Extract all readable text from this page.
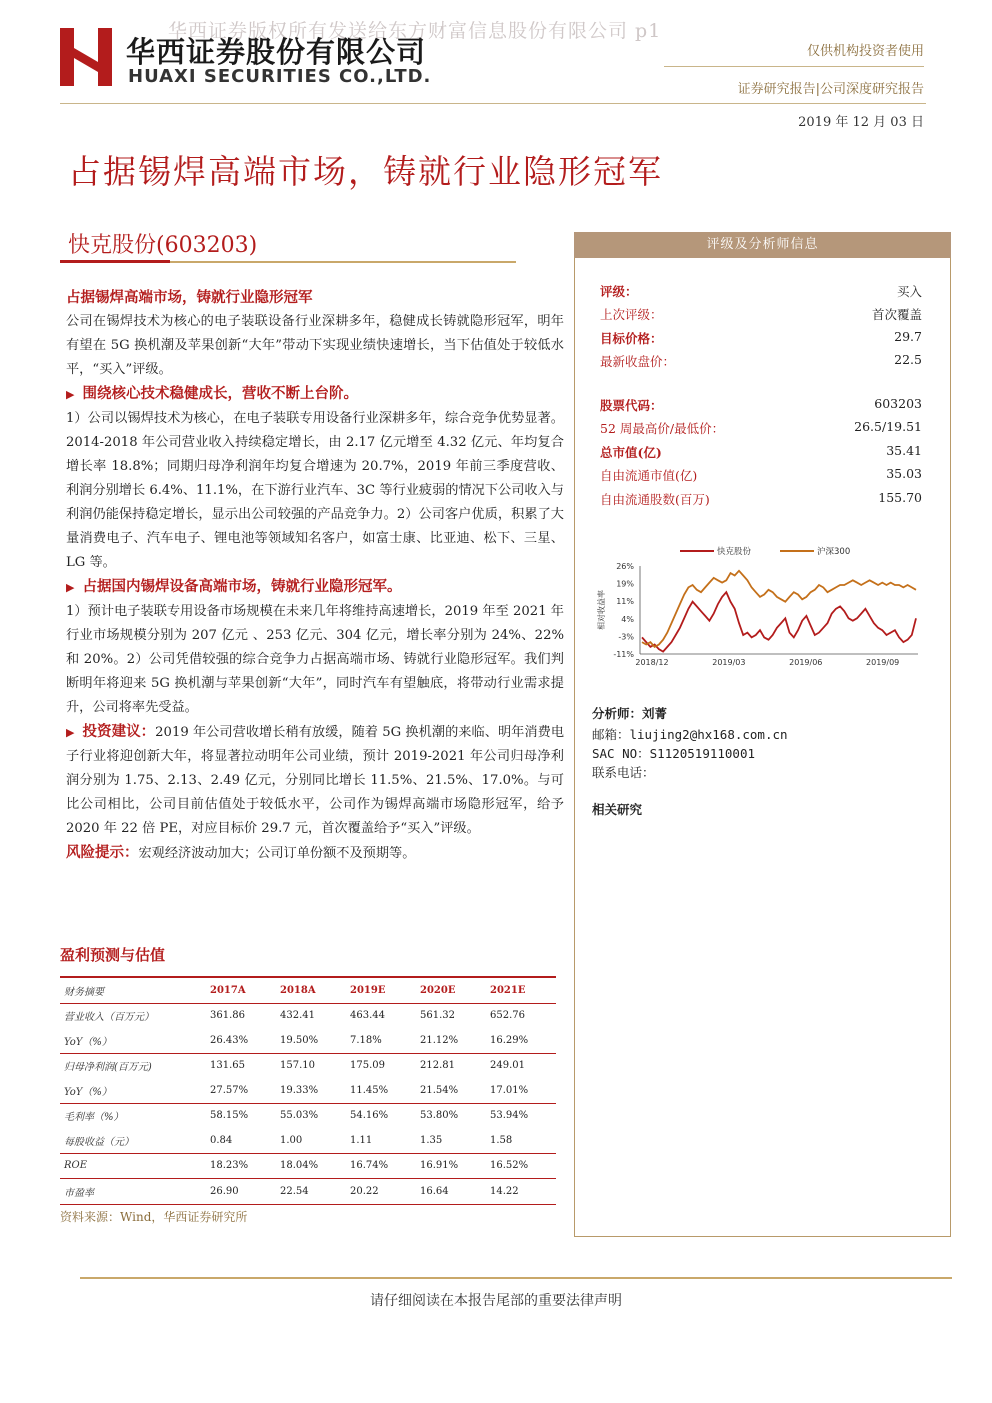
华西证券版权所有发送给东方财富信息股份有限公司 p1
华西证券股份有限公司
HUAXI SECURITIES CO.,LTD.
仅供机构投资者使用
证券研究报告|公司深度研究报告
2019 年 12 月 03 日
占据锡焊高端市场，铸就行业隐形冠军
快克股份(603203)
占据锡焊高端市场，铸就行业隐形冠军
公司在锡焊技术为核心的电子装联设备行业深耕多年，稳健成长铸就隐形冠军，明年有望在 5G 换机潮及苹果创新“大年”带动下实现业绩快速增长，当下估值处于较低水平，“买入”评级。
▶ 围绕核心技术稳健成长，营收不断上台阶。
1）公司以锡焊技术为核心，在电子装联专用设备行业深耕多年，综合竞争优势显著。2014-2018 年公司营业收入持续稳定增长，由 2.17 亿元增至 4.32 亿元、年均复合增长率 18.8%；同期归母净利润年均复合增速为 20.7%，2019 年前三季度营收、利润分别增长 6.4%、11.1%，在下游行业汽车、3C 等行业疲弱的情况下公司收入与利润仍能保持稳定增长，显示出公司较强的产品竞争力。2）公司客户优质，积累了大量消费电子、汽车电子、锂电池等领域知名客户，如富士康、比亚迪、松下、三星、LG 等。
▶ 占据国内锡焊设备高端市场，铸就行业隐形冠军。
1）预计电子装联专用设备市场规模在未来几年将维持高速增长，2019 年至 2021 年行业市场规模分别为 207 亿元 、253 亿元、304 亿元，增长率分别为 24%、22%和 20%。2）公司凭借较强的综合竞争力占据高端市场、铸就行业隐形冠军。我们判断明年将迎来 5G 换机潮与苹果创新“大年”，同时汽车有望触底，将带动行业需求提升，公司将率先受益。
▶ 投资建议：2019 年公司营收增长稍有放缓，随着 5G 换机潮的来临、明年消费电子行业将迎创新大年，将显著拉动明年公司业绩，预计 2019-2021 年公司归母净利润分别为 1.75、2.13、2.49 亿元，分别同比增长 11.5%、21.5%、17.0%。与可比公司相比，公司目前估值处于较低水平，公司作为锡焊高端市场隐形冠军，给予 2020 年 22 倍 PE，对应目标价 29.7 元，首次覆盖给予“买入”评级。
风险提示：宏观经济波动加大；公司订单份额不及预期等。
盈利预测与估值
财务摘要	2017A	2018A	2019E	2020E	2021E
营业收入（百万元）	361.86	432.41	463.44	561.32	652.76
YoY（%）	26.43%	19.50%	7.18%	21.12%	16.29%
归母净利润(百万元)	131.65	157.10	175.09	212.81	249.01
YoY（%）	27.57%	19.33%	11.45%	21.54%	17.01%
毛利率（%）	58.15%	55.03%	54.16%	53.80%	53.94%
每股收益（元）	0.84	1.00	1.11	1.35	1.58
ROE	18.23%	18.04%	16.74%	16.91%	16.52%
市盈率	26.90	22.54	20.22	16.64	14.22
资料来源：Wind，华西证券研究所
评级及分析师信息
评级：	买入
上次评级：	首次覆盖
目标价格：	29.7
最新收盘价：	22.5
股票代码：	603203
52 周最高价/最低价：	26.5/19.51
总市值(亿)	35.41
自由流通市值(亿)	35.03
自由流通股数(百万)	155.70
26%
19%
11%
4%
-3%
-11%
2018/12	2019/03	2019/06	2019/09
相对收益率
快克股份	沪深300
分析师：刘菁
邮箱：liujing2@hx168.com.cn
SAC NO：S1120519110001
联系电话：
相关研究
请仔细阅读在本报告尾部的重要法律声明
